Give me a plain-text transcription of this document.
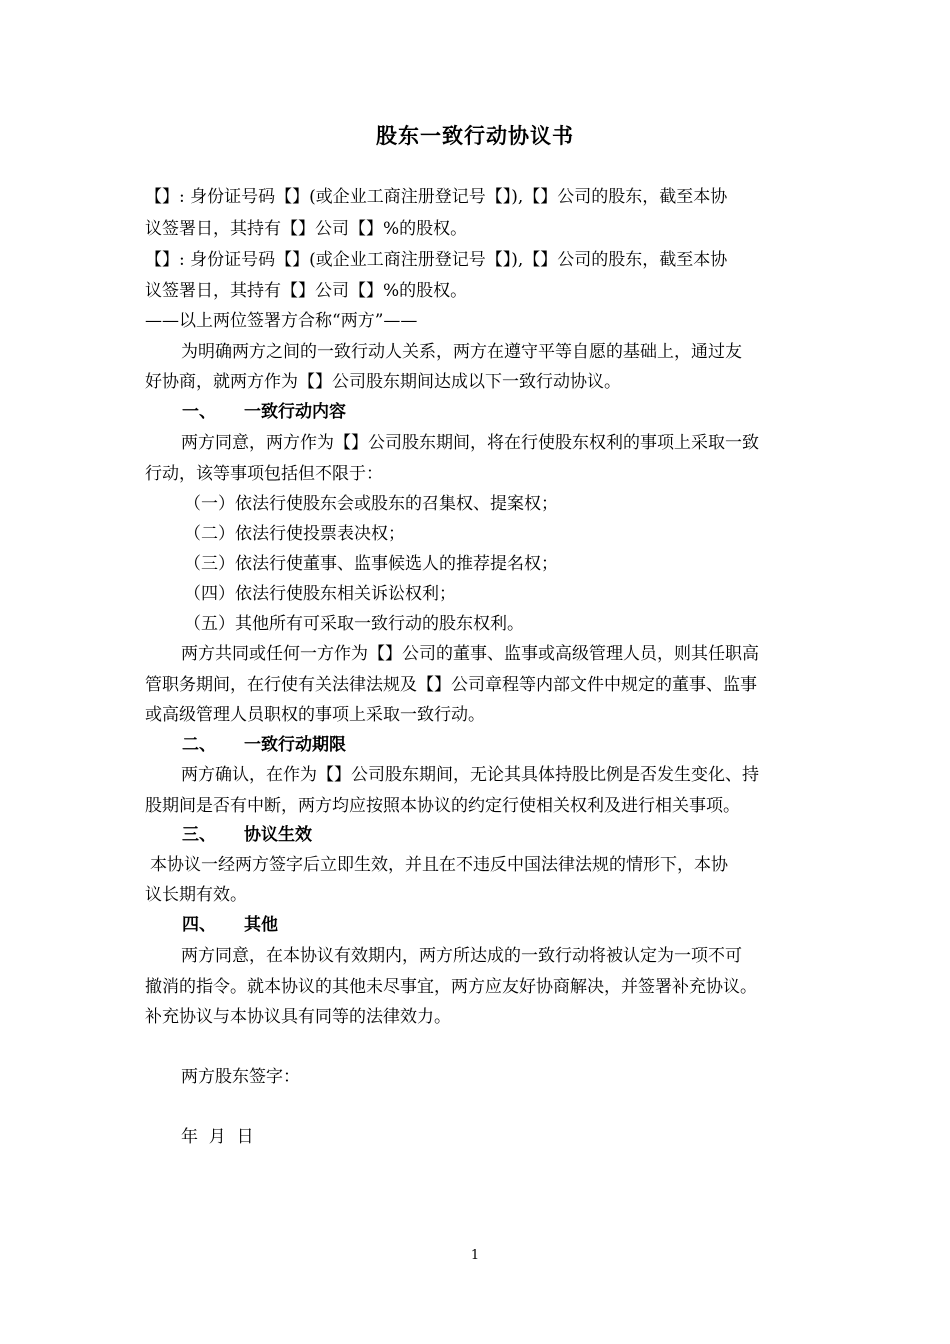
股东一致行动协议书
【】: 身份证号码【】(或企业工商注册登记号【】),【】公司的股东，截至本协
议签署日，其持有【】公司【】%的股权。
【】: 身份证号码【】(或企业工商注册登记号【】),【】公司的股东，截至本协
议签署日，其持有【】公司【】%的股权。
——以上两位签署方合称“两方”——
为明确两方之间的一致行动人关系，两方在遵守平等自愿的基础上，通过友
好协商，就两方作为【】公司股东期间达成以下一致行动协议。
一、 一致行动内容
两方同意，两方作为【】公司股东期间，将在行使股东权利的事项上采取一致
行动，该等事项包括但不限于：
（一）依法行使股东会或股东的召集权、提案权；
（二）依法行使投票表决权；
（三）依法行使董事、监事候选人的推荐提名权；
（四）依法行使股东相关诉讼权利；
（五）其他所有可采取一致行动的股东权利。
两方共同或任何一方作为【】公司的董事、监事或高级管理人员，则其任职高
管职务期间，在行使有关法律法规及【】公司章程等内部文件中规定的董事、监事
或高级管理人员职权的事项上采取一致行动。
二、 一致行动期限
两方确认，在作为【】公司股东期间，无论其具体持股比例是否发生变化、持
股期间是否有中断，两方均应按照本协议的约定行使相关权利及进行相关事项。
三、 协议生效
本协议一经两方签字后立即生效，并且在不违反中国法律法规的情形下，本协
议长期有效。
四、 其他
两方同意，在本协议有效期内，两方所达成的一致行动将被认定为一项不可
撤消的指令。就本协议的其他未尽事宜，两方应友好协商解决，并签署补充协议。
补充协议与本协议具有同等的法律效力。
两方股东签字：
年  月  日
1
